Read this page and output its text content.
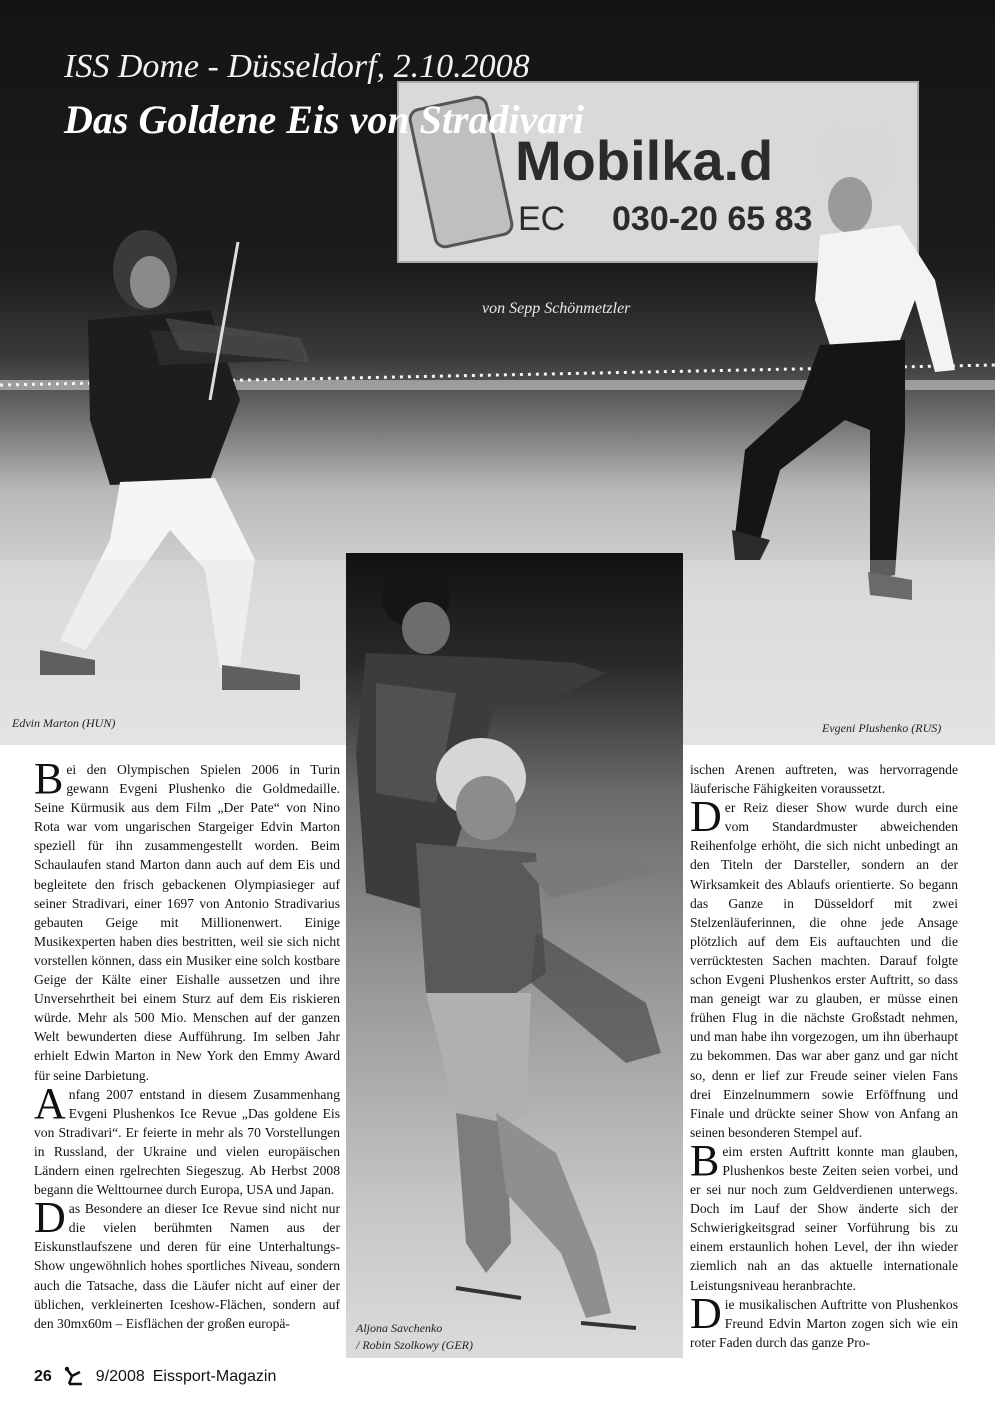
Mobilka.d
EC 030-20 65 83
ISS Dome - Düsseldorf, 2.10.2008
Das Goldene Eis von Stradivari
von Sepp Schönmetzler
Edvin Marton (HUN)	Evgeni Plushenko (RUS)
Aljona Savchenko
/ Robin Szolkowy (GER)

Bei den Olympischen Spielen 2006 in Turin gewann Evgeni Plushenko die Goldmedaille. Seine Kürmusik aus dem Film „Der Pate“ von Nino Rota war vom ungarischen Stargeiger Edvin Marton speziell für ihn zusammengestellt worden. Beim Schaulaufen stand Marton dann auch auf dem Eis und begleitete den frisch gebackenen Olympiasieger auf seiner Stradivari, einer 1697 von Antonio Stradivarius gebauten Geige mit Millionenwert. Einige Musikexperten haben dies bestritten, weil sie sich nicht vorstellen können, dass ein Musiker eine solch kostbare Geige der Kälte einer Eishalle aussetzen und ihre Unversehrtheit bei einem Sturz auf dem Eis riskieren würde. Mehr als 500 Mio. Menschen auf der ganzen Welt bewunderten diese Aufführung. Im selben Jahr erhielt Edwin Marton in New York den Emmy Award für seine Darbietung.

Anfang 2007 entstand in diesem Zusammenhang Evgeni Plushenkos Ice Revue „Das goldene Eis von Stradivari“. Er feierte in mehr als 70 Vorstellungen in Russland, der Ukraine und vielen europäischen Ländern einen rgelrechten Siegeszug. Ab Herbst 2008 begann die Welttournee durch Europa, USA und Japan.

Das Besondere an dieser Ice Revue sind nicht nur die vielen berühmten Namen aus der Eiskunstlaufszene und deren für eine Unterhaltungs-Show ungewöhnlich hohes sportliches Niveau, sondern auch die Tatsache, dass die Läufer nicht auf einer der üblichen, verkleinerten Iceshow-Flächen, sondern auf den 30mx60m – Eisflächen der großen europä-

ischen Arenen auftreten, was hervorragende läuferische Fähigkeiten voraussetzt.

Der Reiz dieser Show wurde durch eine vom Standardmuster abweichenden Reihenfolge erhöht, die sich nicht unbedingt an den Titeln der Darsteller, sondern an der Wirksamkeit des Ablaufs orientierte. So begann das Ganze in Düsseldorf mit zwei Stelzenläuferinnen, die ohne jede Ansage plötzlich auf dem Eis auftauchten und die verrücktesten Sachen machten. Darauf folgte schon Evgeni Plushenkos erster Auftritt, so dass man geneigt war zu glauben, er müsse einen frühen Flug in die nächste Großstadt nehmen, und man habe ihn vorgezogen, um ihn überhaupt zu bekommen. Das war aber ganz und gar nicht so, denn er lief zur Freude seiner vielen Fans drei Einzelnummern sowie Erföffnung und Finale und drückte seiner Show von Anfang an seinen besonderen Stempel auf.

Beim ersten Auftritt konnte man glauben, Plushenkos beste Zeiten seien vorbei, und er sei nur noch zum Geldverdienen unterwegs. Doch im Lauf der Show änderte sich der Schwierigkeitsgrad seiner Vorführung bis zu einem erstaunlich hohen Level, der ihn wieder ziemlich nah an das aktuelle internationale Leistungsniveau heranbrachte.

Die musikalischen Auftritte von Plushenkos Freund Edvin Marton zogen sich wie ein roter Faden durch das ganze Pro-

26	9/2008 Eissport-Magazin
